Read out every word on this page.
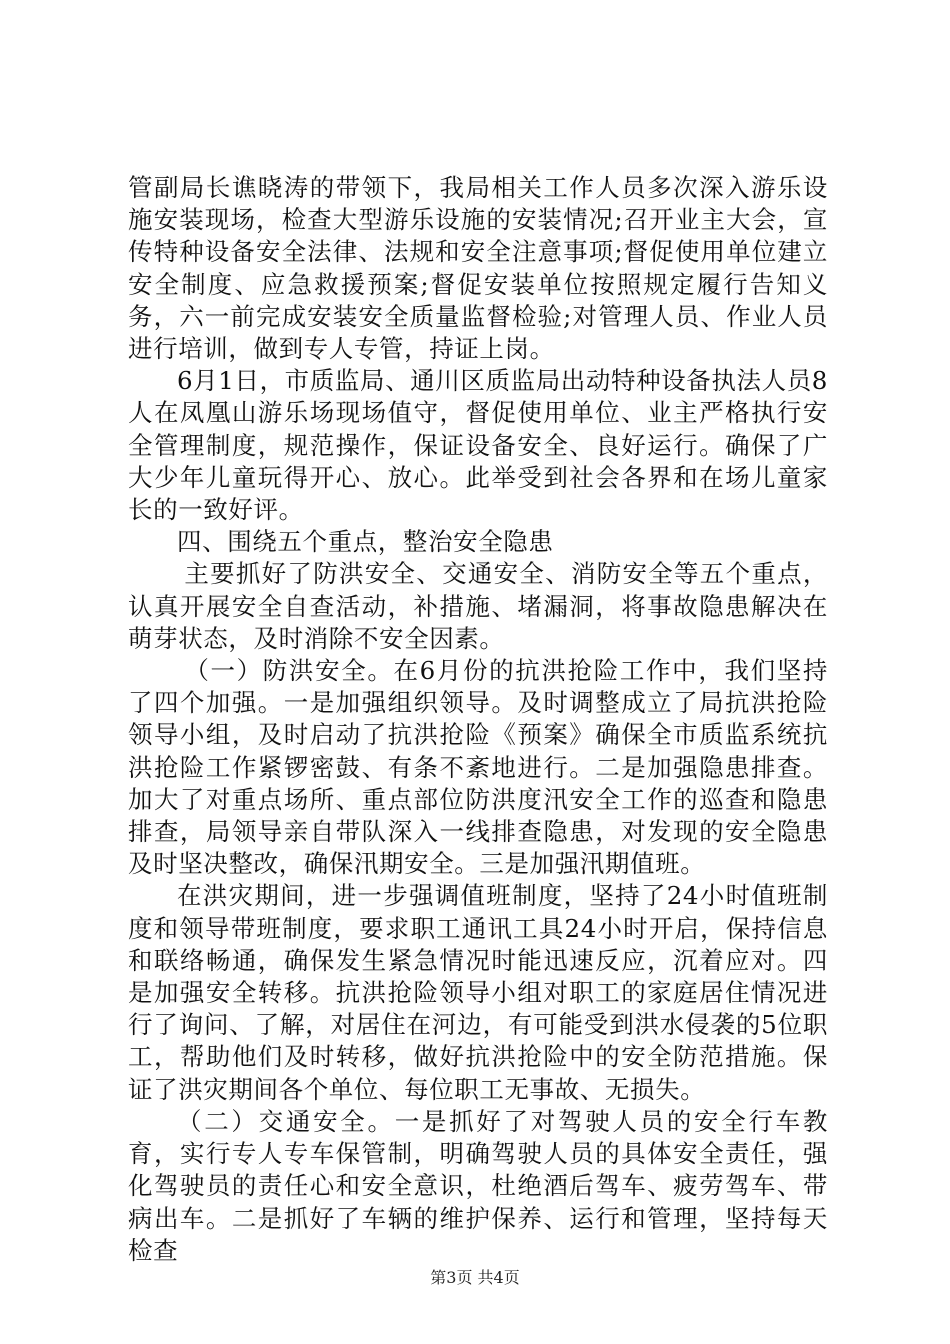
管副局长谯晓涛的带领下，我局相关工作人员多次深入游乐设施安装现场，检查大型游乐设施的安装情况;召开业主大会，宣传特种设备安全法律、法规和安全注意事项;督促使用单位建立安全制度、应急救援预案;督促安装单位按照规定履行告知义务，六一前完成安装安全质量监督检验;对管理人员、作业人员进行培训，做到专人专管，持证上岗。

6月1日，市质监局、通川区质监局出动特种设备执法人员8人在凤凰山游乐场现场值守，督促使用单位、业主严格执行安全管理制度，规范操作，保证设备安全、良好运行。确保了广大少年儿童玩得开心、放心。此举受到社会各界和在场儿童家长的一致好评。

四、围绕五个重点，整治安全隐患

主要抓好了防洪安全、交通安全、消防安全等五个重点，认真开展安全自查活动，补措施、堵漏洞，将事故隐患解决在萌芽状态，及时消除不安全因素。

（一）防洪安全。在6月份的抗洪抢险工作中，我们坚持了四个加强。一是加强组织领导。及时调整成立了局抗洪抢险领导小组，及时启动了抗洪抢险《预案》确保全市质监系统抗洪抢险工作紧锣密鼓、有条不紊地进行。二是加强隐患排查。加大了对重点场所、重点部位防洪度汛安全工作的巡查和隐患排查，局领导亲自带队深入一线排查隐患，对发现的安全隐患及时坚决整改，确保汛期安全。三是加强汛期值班。

在洪灾期间，进一步强调值班制度，坚持了24小时值班制度和领导带班制度，要求职工通讯工具24小时开启，保持信息和联络畅通，确保发生紧急情况时能迅速反应，沉着应对。四是加强安全转移。抗洪抢险领导小组对职工的家庭居住情况进行了询问、了解，对居住在河边，有可能受到洪水侵袭的5位职工，帮助他们及时转移，做好抗洪抢险中的安全防范措施。保证了洪灾期间各个单位、每位职工无事故、无损失。

（二）交通安全。一是抓好了对驾驶人员的安全行车教育，实行专人专车保管制，明确驾驶人员的具体安全责任，强化驾驶员的责任心和安全意识，杜绝酒后驾车、疲劳驾车、带病出车。二是抓好了车辆的维护保养、运行和管理，坚持每天检查

第3页 共4页
